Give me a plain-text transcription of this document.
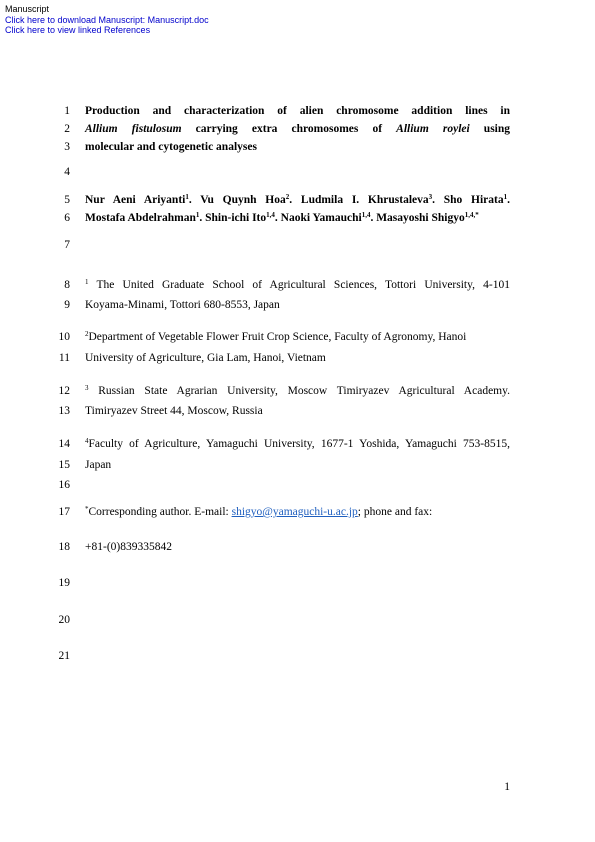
Manuscript
Click here to download Manuscript: Manuscript.doc
Click here to view linked References
1
2
3
4
5
6
7
8
9
10
11
12
13
14
15
16
17
18
19
20
21
Production and characterization of alien chromosome addition lines in
Allium fistulosum carrying extra chromosomes of Allium roylei using
molecular and cytogenetic analyses
Nur Aeni Ariyanti$^1$. Vu Quynh Hoa$^2$. Ludmila I. Khrustaleva$^3$. Sho Hirata$^1$.
Mostafa Abdelrahman$^1$. Shin-ichi Ito$^{1,4}$. Naoki Yamauchi$^{1,4}$. Masayoshi Shigyo$^{1,4,*}$
$^1$ The United Graduate School of Agricultural Sciences, Tottori University, 4-101
Koyama-Minami, Tottori 680-8553, Japan
$^2$Department of Vegetable Flower Fruit Crop Science, Faculty of Agronomy, Hanoi
University of Agriculture, Gia Lam, Hanoi, Vietnam
$^3$ Russian State Agrarian University, Moscow Timiryazev Agricultural Academy.
Timiryazev Street 44, Moscow, Russia
$^4$Faculty of Agriculture, Yamaguchi University, 1677-1 Yoshida, Yamaguchi 753-8515,
Japan
*Corresponding author. E-mail: shigyo@yamaguchi-u.ac.jp; phone and fax:
+81-(0)839335842
1
